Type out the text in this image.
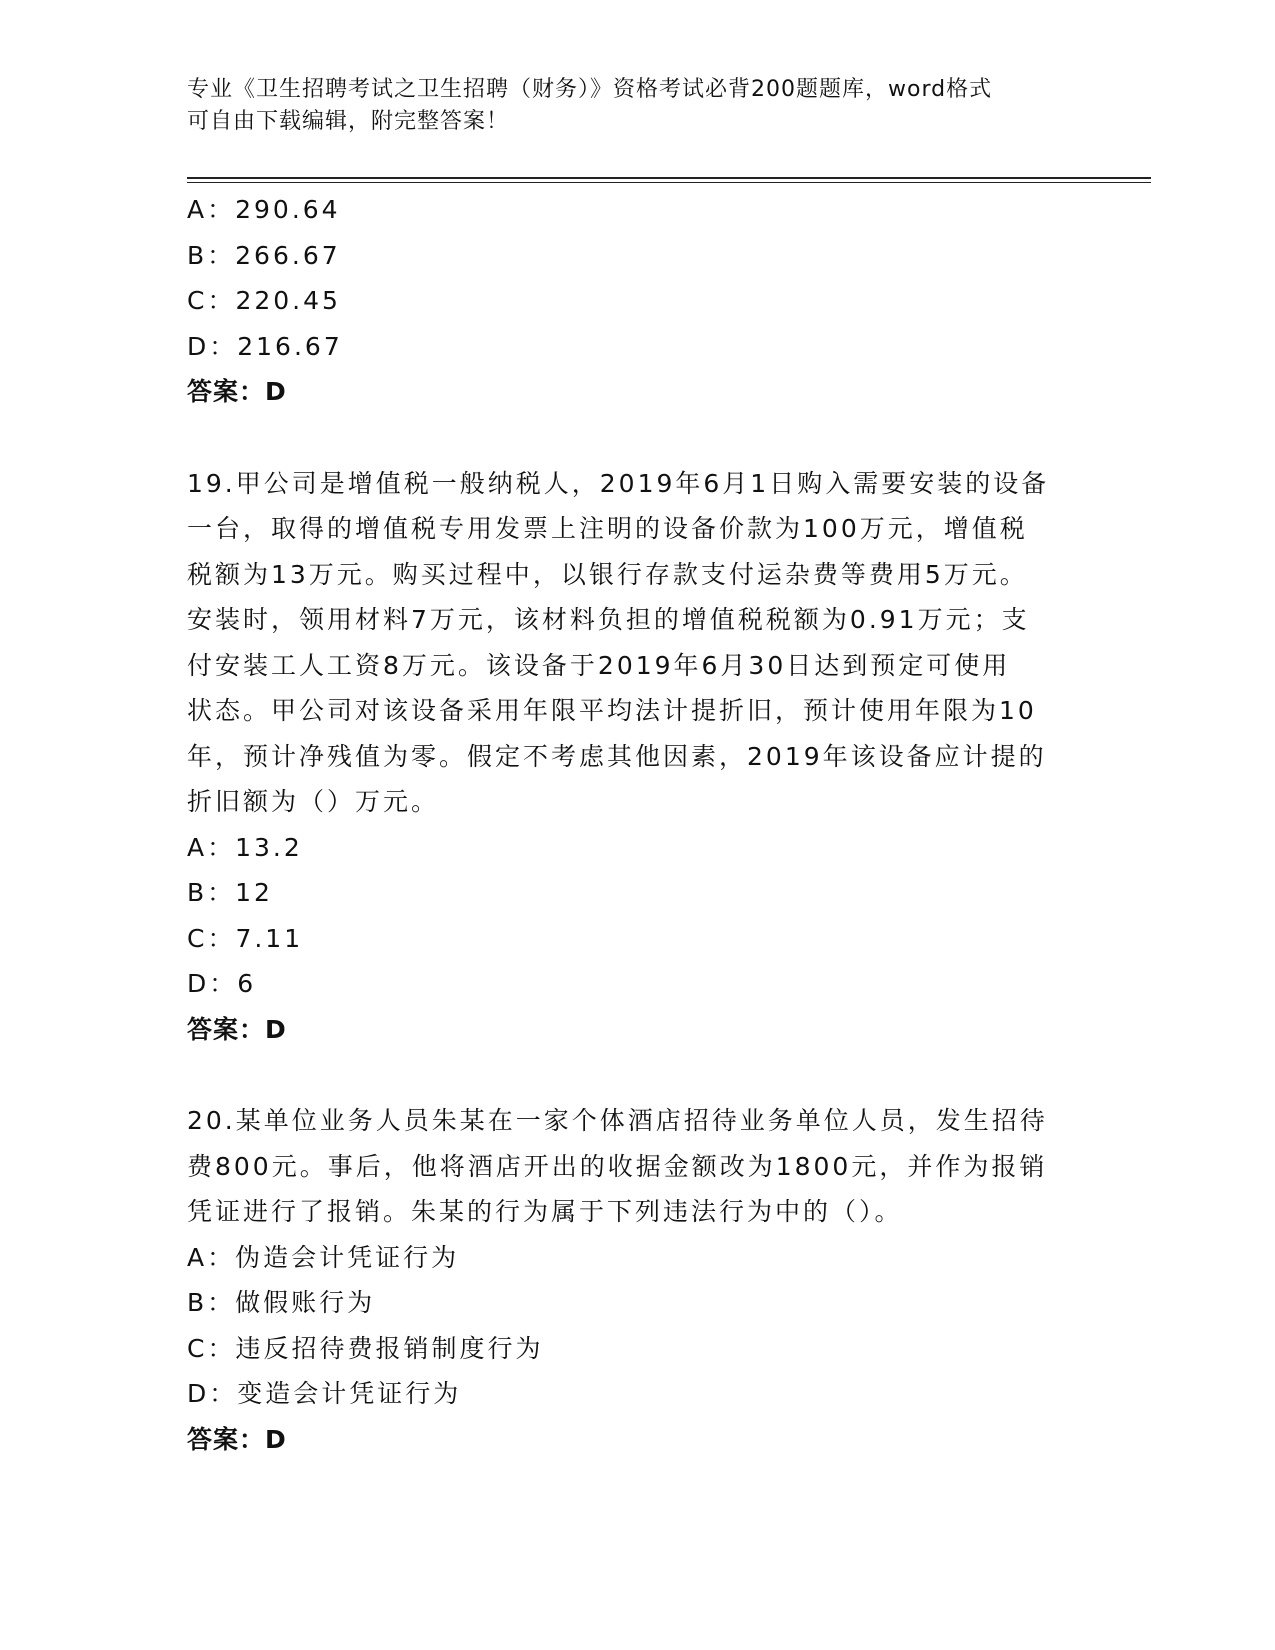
专业《卫生招聘考试之卫生招聘（财务）》资格考试必背200题题库，word格式
可自由下载编辑，附完整答案！
A：290.64
B：266.67
C：220.45
D：216.67
答案：D
19.甲公司是增值税一般纳税人，2019年6月1日购入需要安装的设备
一台，取得的增值税专用发票上注明的设备价款为100万元，增值税
税额为13万元。购买过程中，以银行存款支付运杂费等费用5万元。
安装时，领用材料7万元，该材料负担的增值税税额为0.91万元；支
付安装工人工资8万元。该设备于2019年6月30日达到预定可使用
状态。甲公司对该设备采用年限平均法计提折旧，预计使用年限为10
年，预计净残值为零。假定不考虑其他因素，2019年该设备应计提的
折旧额为（）万元。
A：13.2
B：12
C：7.11
D：6
答案：D
20.某单位业务人员朱某在一家个体酒店招待业务单位人员，发生招待
费800元。事后，他将酒店开出的收据金额改为1800元，并作为报销
凭证进行了报销。朱某的行为属于下列违法行为中的（）。
A：伪造会计凭证行为
B：做假账行为
C：违反招待费报销制度行为
D：变造会计凭证行为
答案：D
